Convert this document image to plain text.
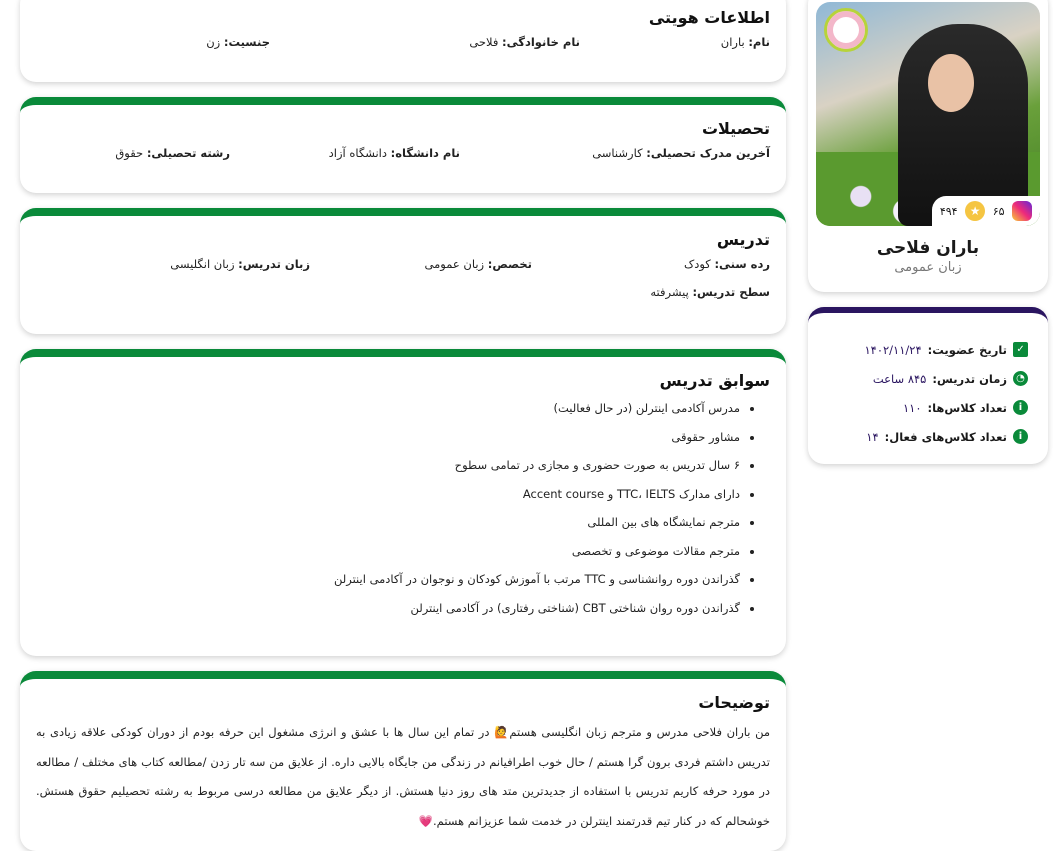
اطلاعات هویتی
نام: باران
نام خانوادگی: فلاحی
جنسیت: زن
تحصیلات
آخرین مدرک تحصیلی: کارشناسی
نام دانشگاه: دانشگاه آزاد
رشته تحصیلی: حقوق
تدریس
رده سنی: کودک
تخصص: زبان عمومی
زبان تدریس: زبان انگلیسی
سطح تدریس: پیشرفته
سوابق تدریس
• مدرس آکادمی اینترلن (در حال فعالیت)
• مشاور حقوقی
• ۶ سال تدریس به صورت حضوری و مجازی در تمامی سطوح
• دارای مدارک TTC، IELTS و Accent course
• مترجم نمایشگاه های بین المللی
• مترجم مقالات موضوعی و تخصصی
• گذراندن دوره روانشناسی و TTC مرتب با آموزش کودکان و نوجوان در آکادمی اینترلن
• گذراندن دوره روان شناختی CBT (شناختی رفتاری) در آکادمی اینترلن
توضیحات

من باران فلاحی مدرس و مترجم زبان انگلیسی هستم🙋 در تمام این سال ها با عشق و انرژی مشغول این حرفه بودم از دوران کودکی علاقه زیادی به تدریس داشتم فردی برون گرا هستم / حال خوب اطرافیانم در زندگی من جایگاه بالایی داره. از علایق من سه تار زدن /مطالعه کتاب های مختلف / مطالعه در مورد حرفه کاریم تدریس با استفاده از جدیدترین متد های روز دنیا هستش. از دیگر علایق من مطالعه درسی مربوط به رشته تحصیلیم حقوق هستش. خوشحالم که در کنار تیم قدرتمند اینترلن در خدمت شما عزیزانم هستم.💗

۶۵
★
۴۹۴
باران فلاحی
زبان عمومی
✓
تاریخ عضویت:
۱۴۰۲/۱۱/۲۴
◔
زمان تدریس:
۸۴۵ ساعت
i
تعداد کلاس‌ها:
۱۱۰
i
تعداد کلاس‌های فعال:
۱۴
